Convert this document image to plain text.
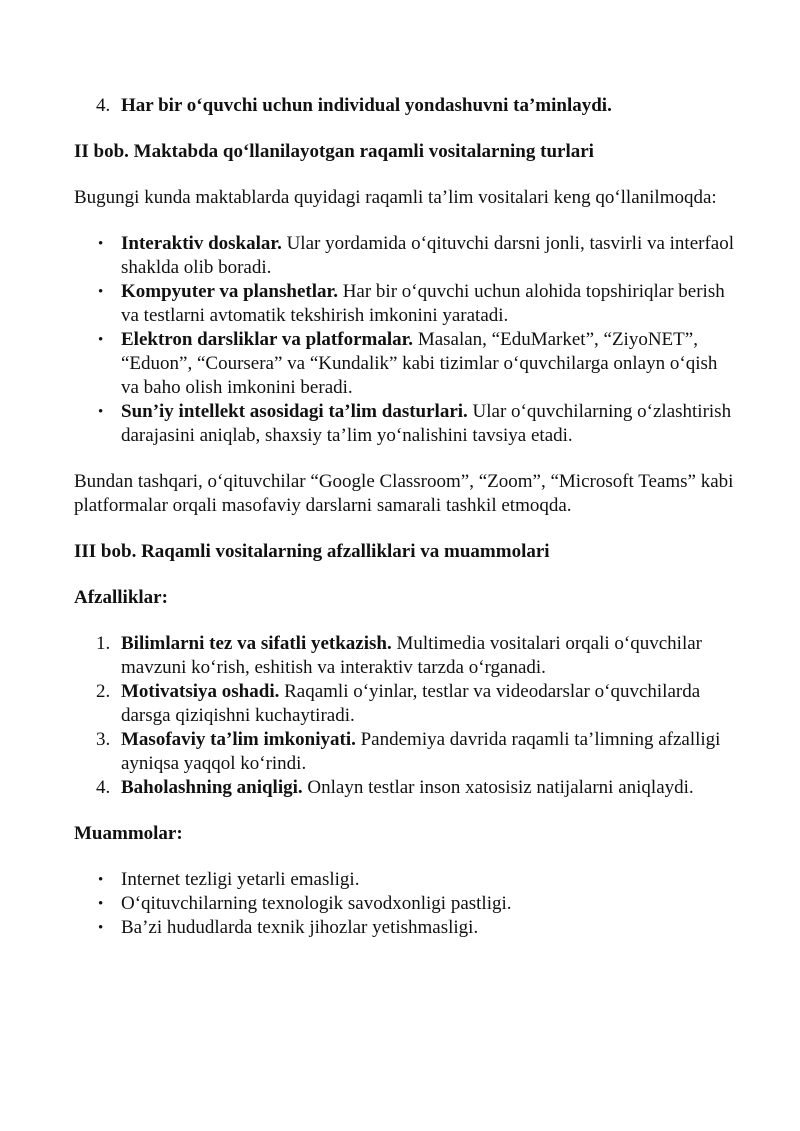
4. Har bir o‘quvchi uchun individual yondashuvni ta’minlaydi.

II bob. Maktabda qo‘llanilayotgan raqamli vositalarning turlari

Bugungi kunda maktablarda quyidagi raqamli ta’lim vositalari keng qo‘llanilmoqda:

• Interaktiv doskalar. Ular yordamida o‘qituvchi darsni jonli, tasvirli va interfaol shaklda olib boradi.
• Kompyuter va planshetlar. Har bir o‘quvchi uchun alohida topshiriqlar berish va testlarni avtomatik tekshirish imkonini yaratadi.
• Elektron darsliklar va platformalar. Masalan, “EduMarket”, “ZiyoNET”, “Eduon”, “Coursera” va “Kundalik” kabi tizimlar o‘quvchilarga onlayn o‘qish va baho olish imkonini beradi.
• Sun’iy intellekt asosidagi ta’lim dasturlari. Ular o‘quvchilarning o‘zlashtirish darajasini aniqlab, shaxsiy ta’lim yo‘nalishini tavsiya etadi.

Bundan tashqari, o‘qituvchilar “Google Classroom”, “Zoom”, “Microsoft Teams” kabi platformalar orqali masofaviy darslarni samarali tashkil etmoqda.

III bob. Raqamli vositalarning afzalliklari va muammolari

Afzalliklar:

1. Bilimlarni tez va sifatli yetkazish. Multimedia vositalari orqali o‘quvchilar mavzuni ko‘rish, eshitish va interaktiv tarzda o‘rganadi.
2. Motivatsiya oshadi. Raqamli o‘yinlar, testlar va videodarslar o‘quvchilarda darsga qiziqishni kuchaytiradi.
3. Masofaviy ta’lim imkoniyati. Pandemiya davrida raqamli ta’limning afzalligi ayniqsa yaqqol ko‘rindi.
4. Baholashning aniqligi. Onlayn testlar inson xatosisiz natijalarni aniqlaydi.

Muammolar:

• Internet tezligi yetarli emasligi.
• O‘qituvchilarning texnologik savodxonligi pastligi.
• Ba’zi hududlarda texnik jihozlar yetishmasligi.
